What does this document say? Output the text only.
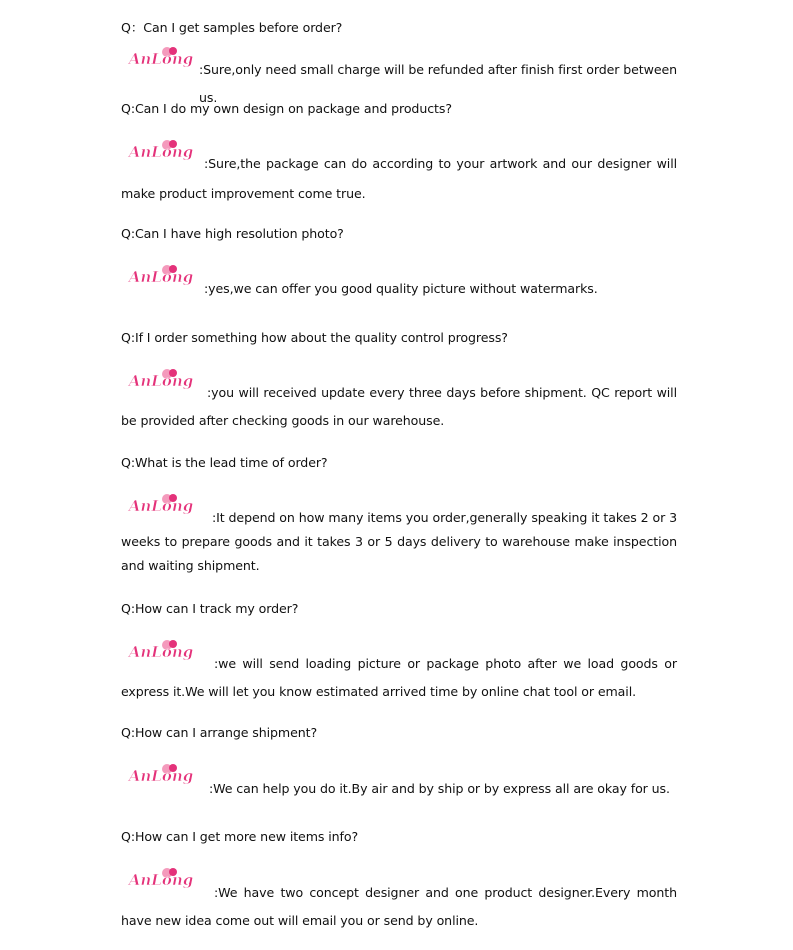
Q：Can I get samples before order?
AnLong
:Sure,only need small charge will be refunded after finish first order between us.
Q:Can I do my own design on package and products?
AnLong
:Sure,the package can do according to your artwork and our designer will make product improvement come true.
Q:Can I have high resolution photo?
AnLong
:yes,we can offer you good quality picture without watermarks.
Q:If I order something how about the quality control progress?
AnLong
:you will received update every three days before shipment. QC report will be provided after checking goods in our warehouse.
Q:What is the lead time of order?
AnLong
:It depend on how many items you order,generally speaking it takes 2 or 3 weeks to prepare goods and it takes 3 or 5 days delivery to warehouse make inspection and waiting shipment.
Q:How can I track my order?
AnLong
:we will send loading picture or package photo after we load goods or express it.We will let you know estimated arrived time by online chat tool or email.
Q:How can I arrange shipment?
AnLong
:We can help you do it.By air and by ship or by express all are okay for us.
Q:How can I get more new items info?
AnLong
:We have two concept designer and one product designer.Every month have new idea come out will email you or send by online.
